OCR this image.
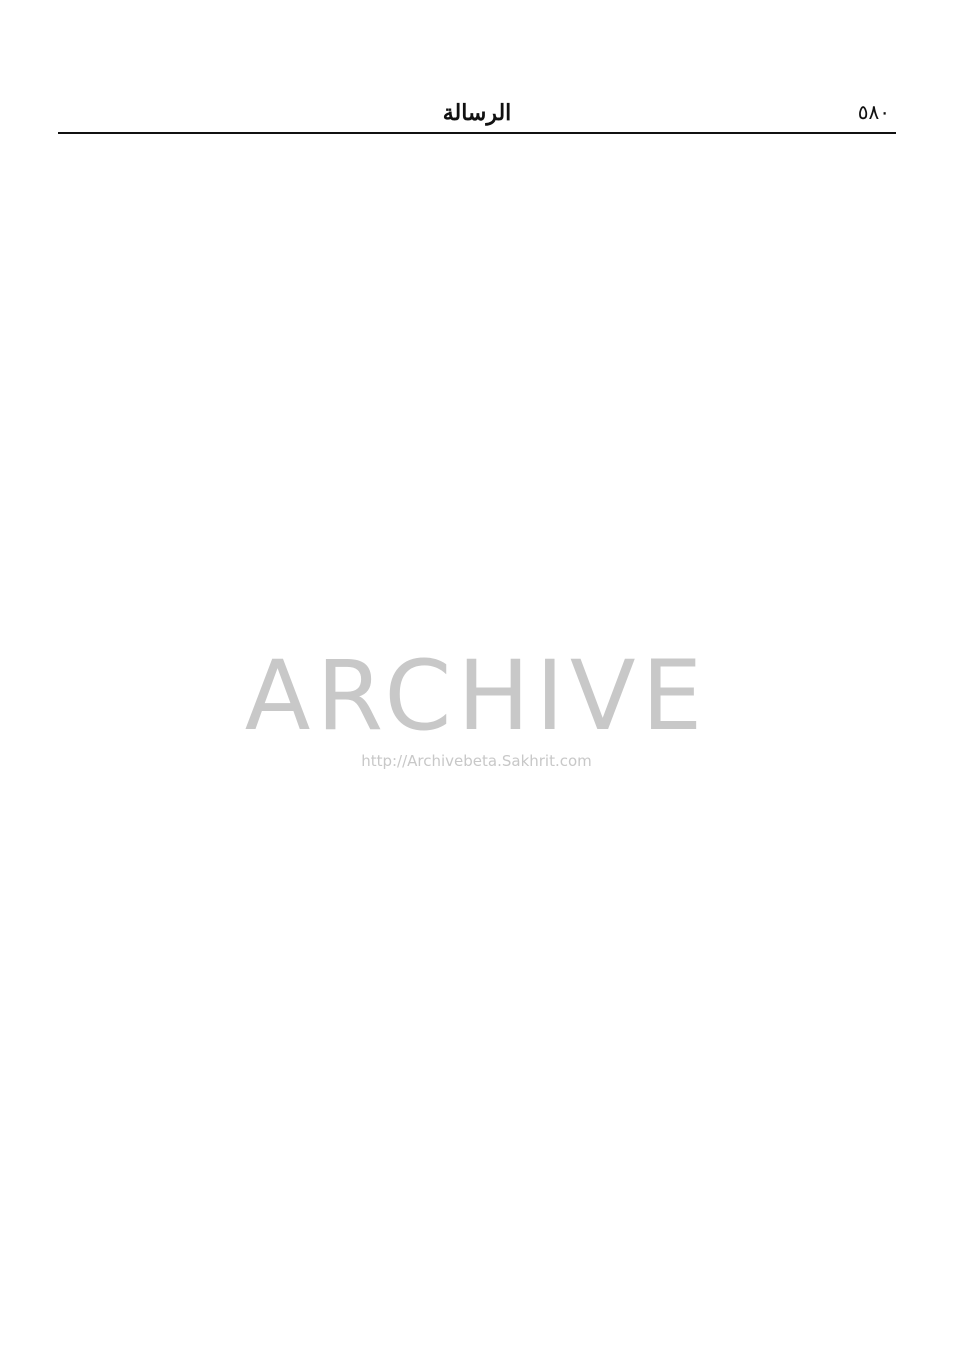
٥٨٠
الرسالة
ARCHIVE
http://Archivebeta.Sakhrit.com
